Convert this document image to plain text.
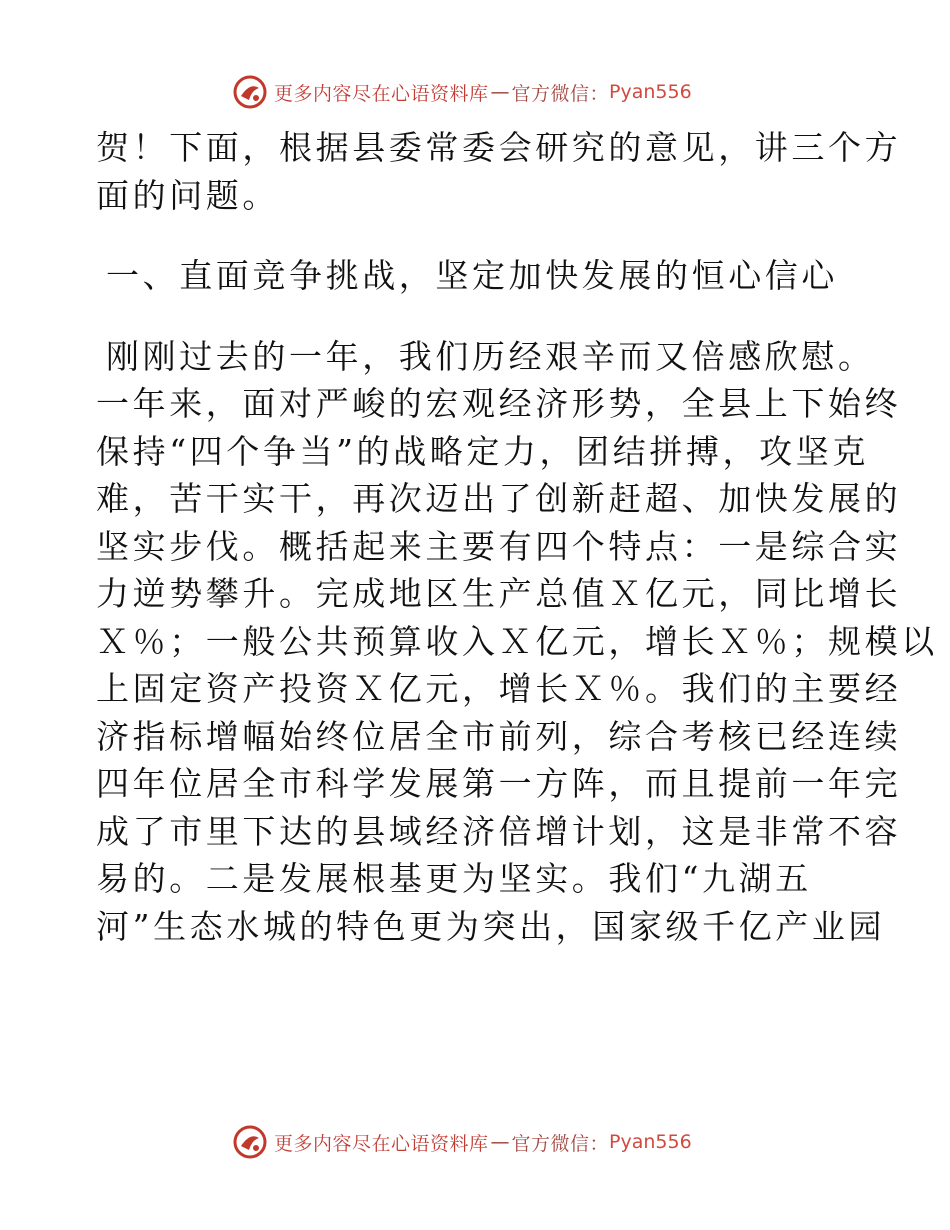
更多内容尽在心语资料库 — 官方微信： Pyan556
贺！下面，根据县委常委会研究的意见，讲三个方
面的问题。
一、直面竞争挑战，坚定加快发展的恒心信心
刚刚过去的一年，我们历经艰辛而又倍感欣慰。
一年来，面对严峻的宏观经济形势，全县上下始终
保持“四个争当”的战略定力，团结拼搏，攻坚克
难，苦干实干，再次迈出了创新赶超、加快发展的
坚实步伐。概括起来主要有四个特点：一是综合实
力逆势攀升。完成地区生产总值Ｘ亿元，同比增长
Ｘ％；一般公共预算收入Ｘ亿元，增长Ｘ％；规模以
上固定资产投资Ｘ亿元，增长Ｘ％。我们的主要经
济指标增幅始终位居全市前列，综合考核已经连续
四年位居全市科学发展第一方阵，而且提前一年完
成了市里下达的县域经济倍增计划，这是非常不容
易的。二是发展根基更为坚实。我们“九湖五
河”生态水城的特色更为突出，国家级千亿产业园
更多内容尽在心语资料库 — 官方微信： Pyan556
